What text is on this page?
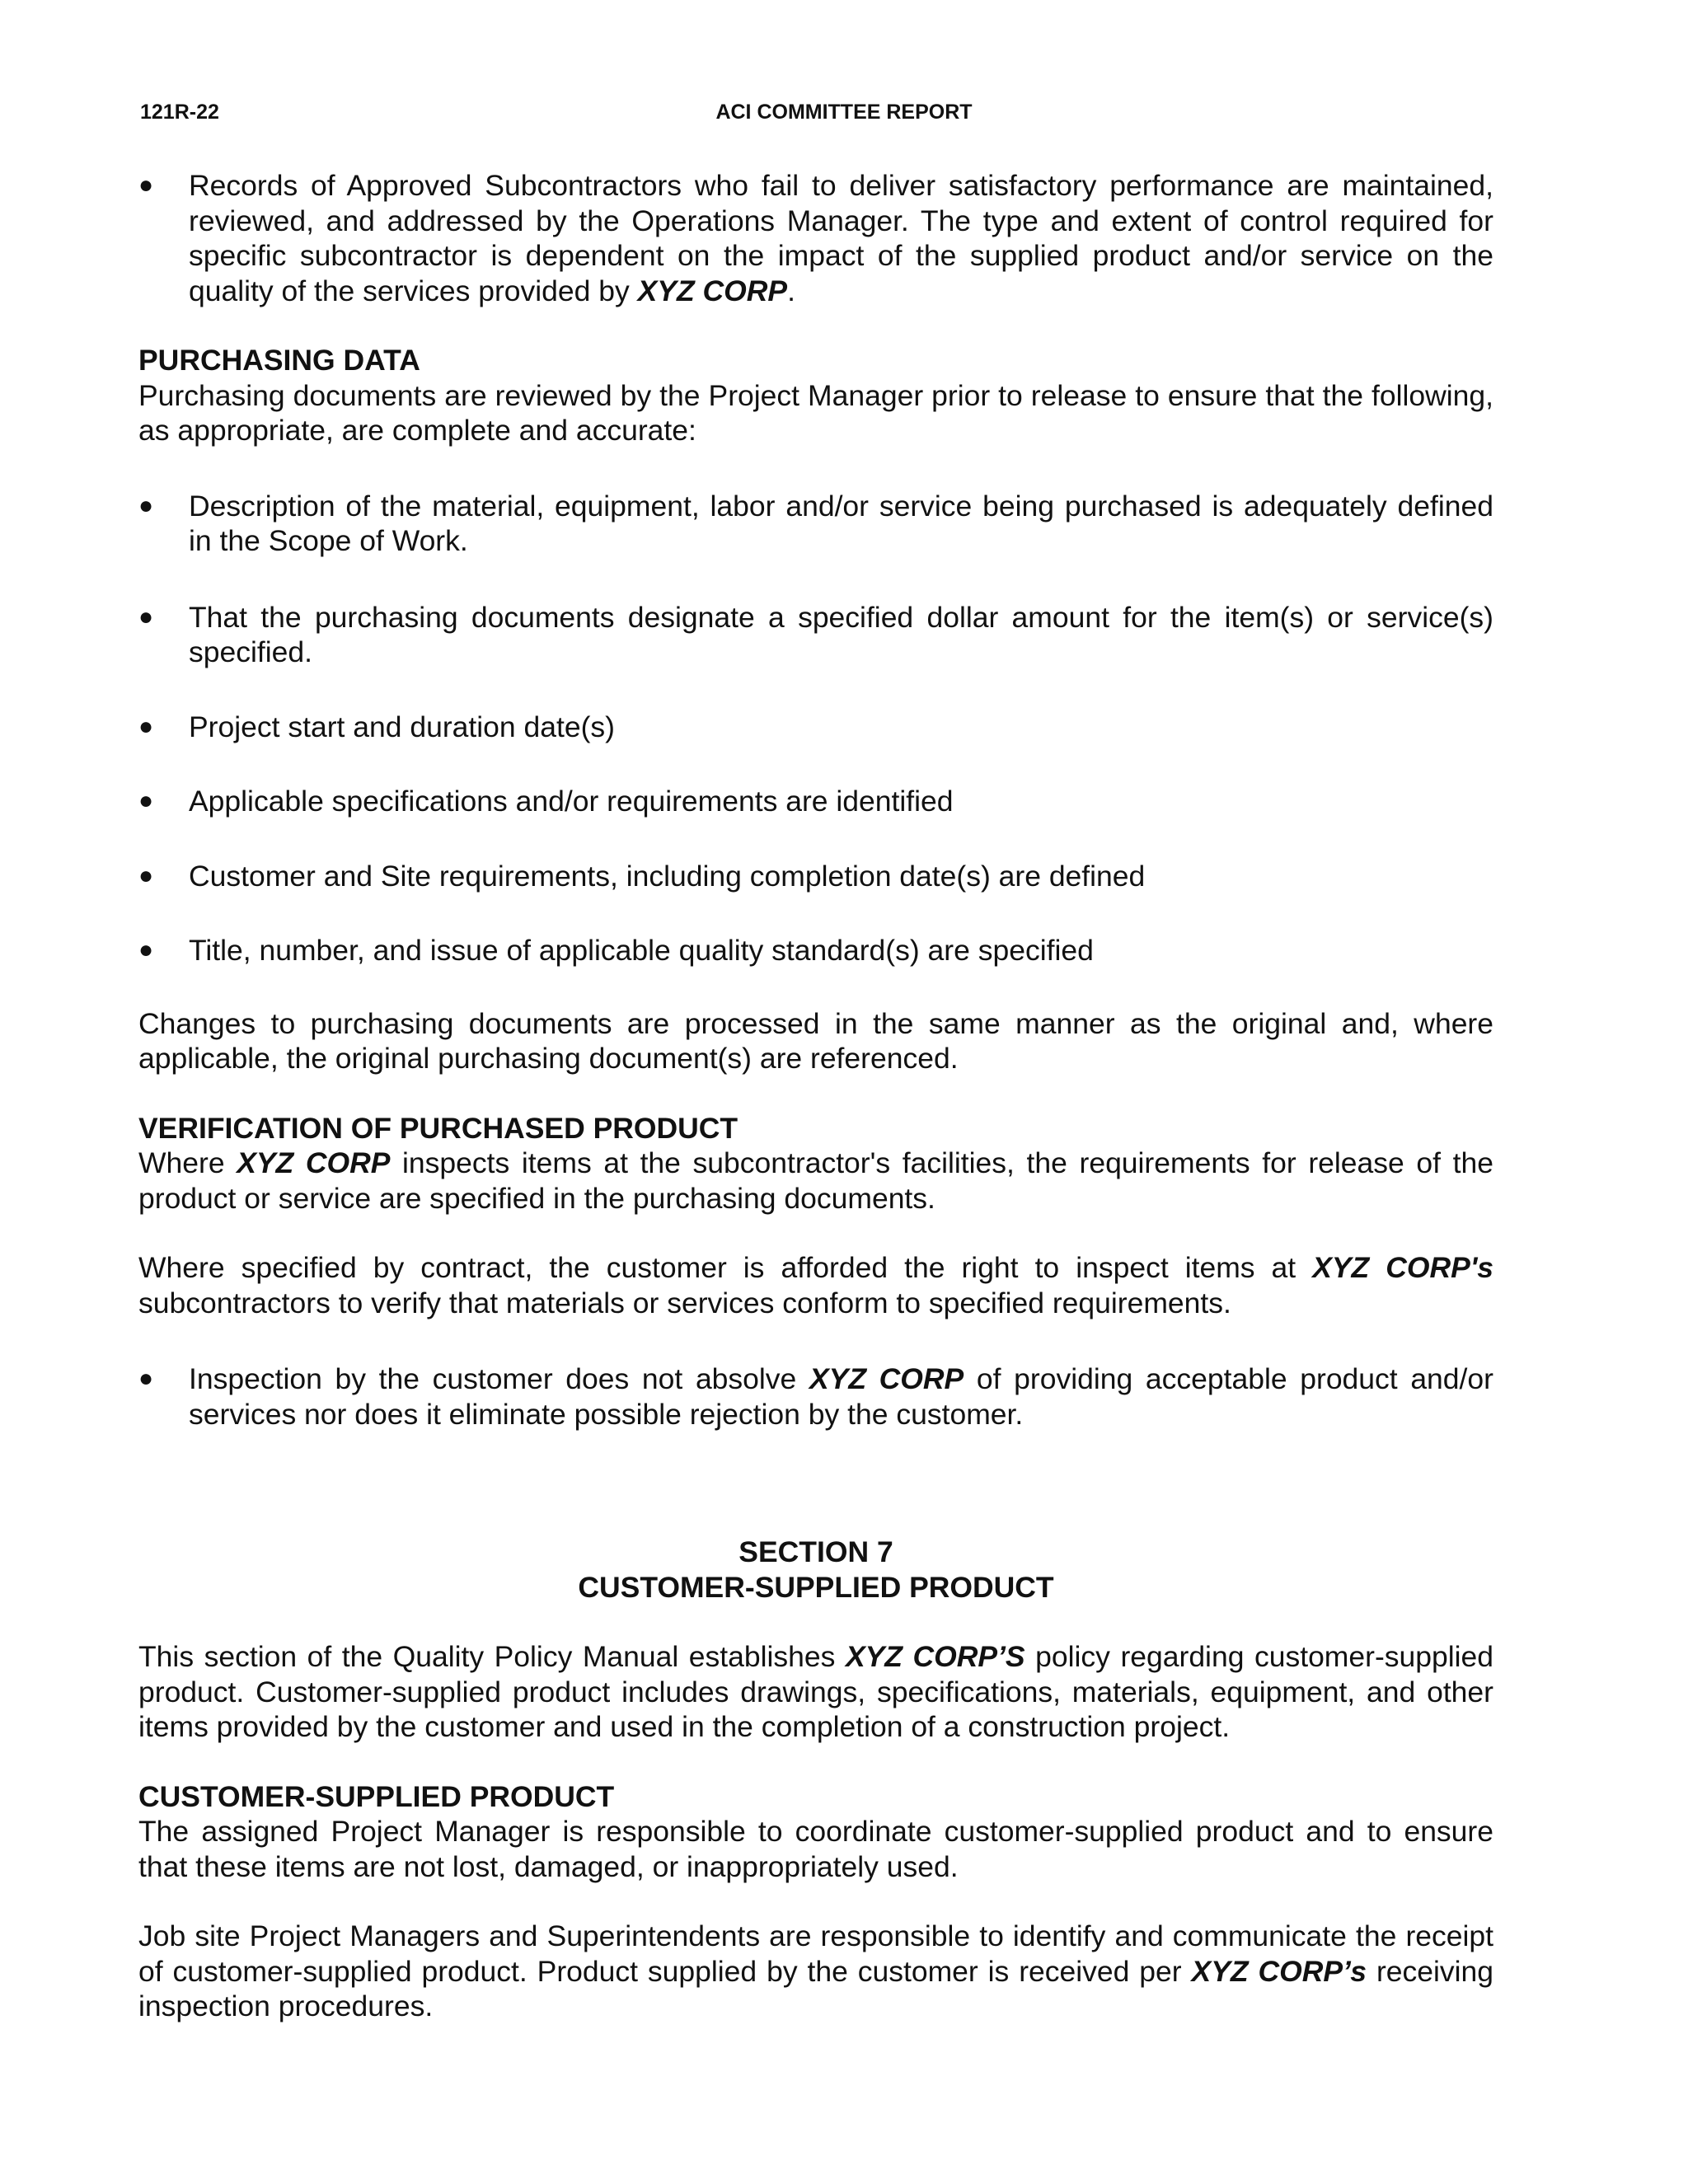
121R-22	ACI COMMITTEE REPORT
● Records of Approved Subcontractors who fail to deliver satisfactory performance are maintained, reviewed, and addressed by the Operations Manager. The type and extent of control required for specific subcontractor is dependent on the impact of the supplied product and/or service on the quality of the services provided by XYZ CORP.

PURCHASING DATA

Purchasing documents are reviewed by the Project Manager prior to release to ensure that the following, as appropriate, are complete and accurate:

● Description of the material, equipment, labor and/or service being purchased is adequately defined in the Scope of Work.

● That the purchasing documents designate a specified dollar amount for the item(s) or service(s) specified.

● Project start and duration date(s)

● Applicable specifications and/or requirements are identified

● Customer and Site requirements, including completion date(s) are defined

● Title, number, and issue of applicable quality standard(s) are specified

Changes to purchasing documents are processed in the same manner as the original and, where applicable, the original purchasing document(s) are referenced.

VERIFICATION OF PURCHASED PRODUCT

Where XYZ CORP inspects items at the subcontractor's facilities, the requirements for release of the product or service are specified in the purchasing documents.

Where specified by contract, the customer is afforded the right to inspect items at XYZ CORP's subcontractors to verify that materials or services conform to specified requirements.

● Inspection by the customer does not absolve XYZ CORP of providing acceptable product and/or services nor does it eliminate possible rejection by the customer.

SECTION 7
CUSTOMER-SUPPLIED PRODUCT

This section of the Quality Policy Manual establishes XYZ CORP’S policy regarding customer-supplied product. Customer-supplied product includes drawings, specifications, materials, equipment, and other items provided by the customer and used in the completion of a construction project.

CUSTOMER-SUPPLIED PRODUCT

The assigned Project Manager is responsible to coordinate customer-supplied product and to ensure that these items are not lost, damaged, or inappropriately used.

Job site Project Managers and Superintendents are responsible to identify and communicate the receipt of customer-supplied product. Product supplied by the customer is received per XYZ CORP’s receiving inspection procedures.
